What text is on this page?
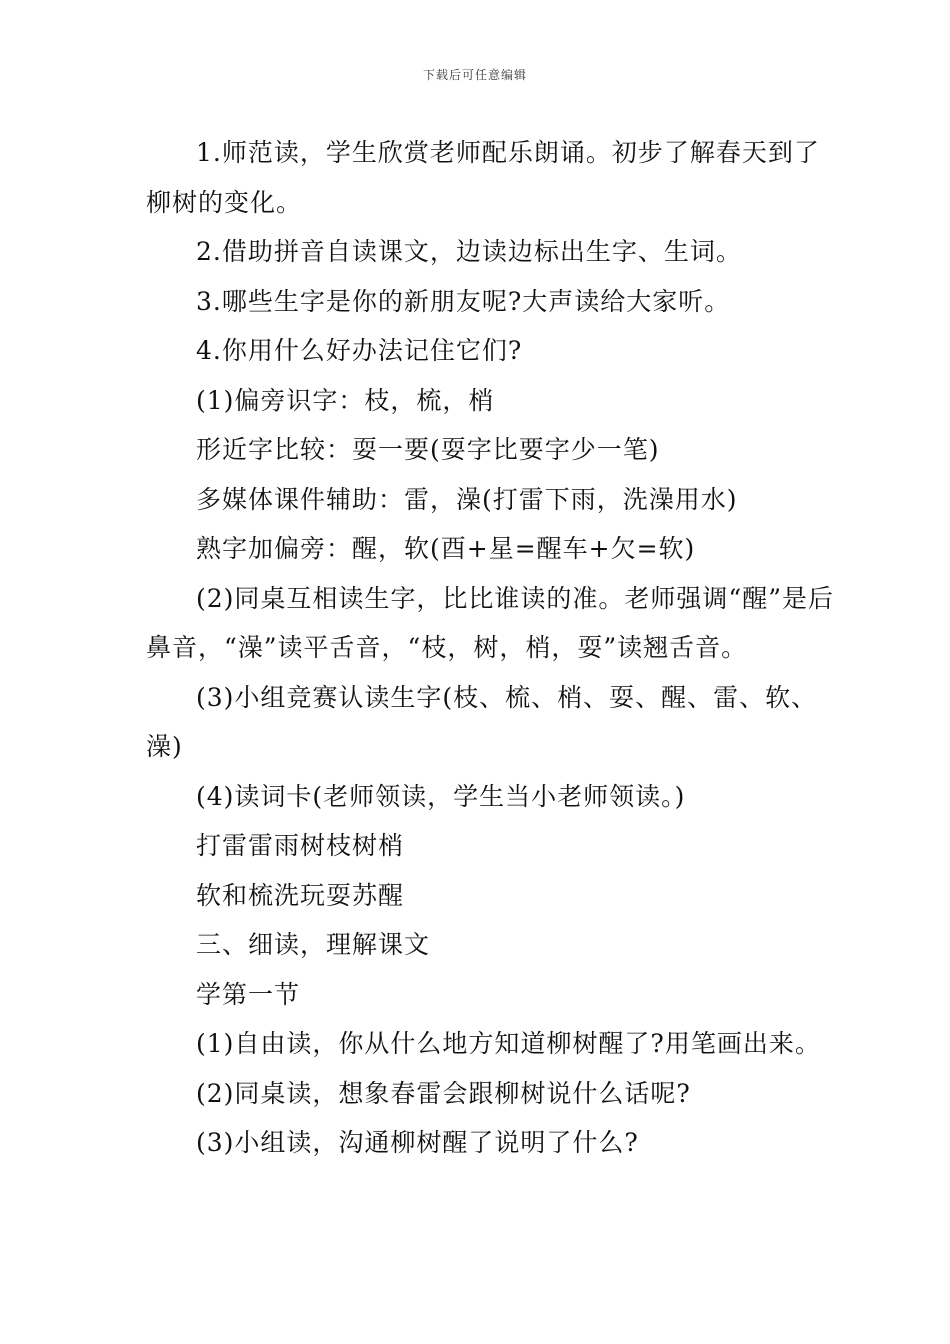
下载后可任意编辑

1.师范读，学生欣赏老师配乐朗诵。初步了解春天到了柳树的变化。

2.借助拼音自读课文，边读边标出生字、生词。

3.哪些生字是你的新朋友呢?大声读给大家听。

4.你用什么好办法记住它们?

(1)偏旁识字：枝，梳，梢

形近字比较：耍一要(耍字比要字少一笔)

多媒体课件辅助：雷，澡(打雷下雨，洗澡用水)

熟字加偏旁：醒，软(酉+星=醒车+欠=软)

(2)同桌互相读生字，比比谁读的准。老师强调“醒”是后鼻音，“澡”读平舌音，“枝，树，梢，耍”读翘舌音。

(3)小组竞赛认读生字(枝、梳、梢、耍、醒、雷、软、澡)

(4)读词卡(老师领读，学生当小老师领读。)

打雷雷雨树枝树梢

软和梳洗玩耍苏醒

三、细读，理解课文

学第一节

(1)自由读，你从什么地方知道柳树醒了?用笔画出来。

(2)同桌读，想象春雷会跟柳树说什么话呢?

(3)小组读，沟通柳树醒了说明了什么?
